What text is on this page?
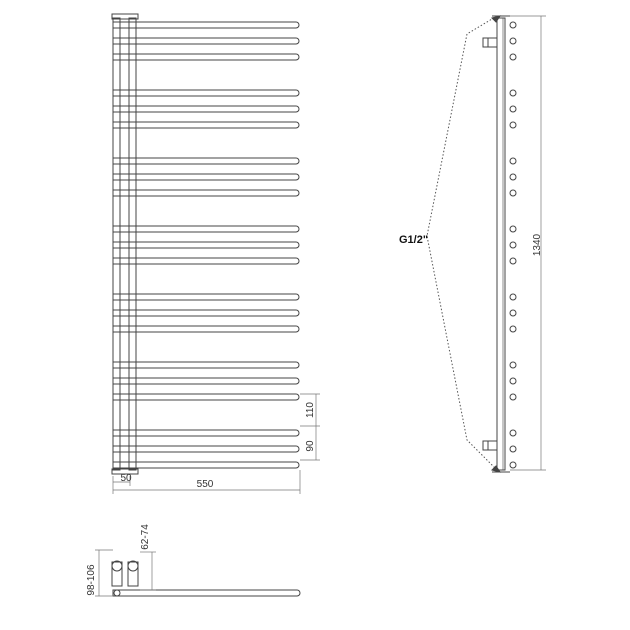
550
50
110
90
G1/2"	1340
62-74
98-106
